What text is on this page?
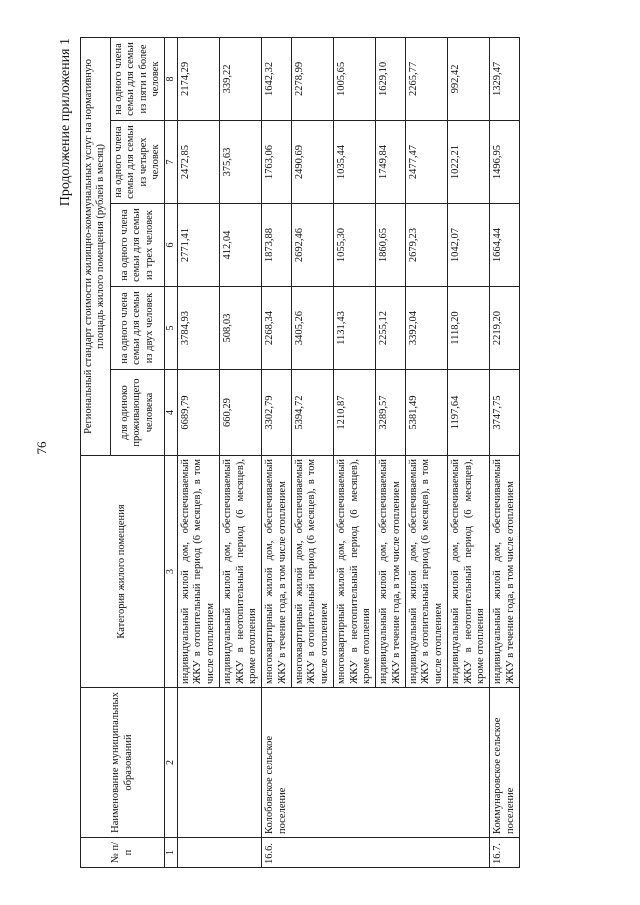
76
Продолжение приложения 1
№ п/п	Наименование муниципальных образований	Категория жилого помещения	Региональный стандарт стоимости жилищно-коммунальных услуг на нормативную площадь жилого помещения (рублей в месяц)				
			для одиноко проживающего человека	на одного члена семьи для семьи из двух человек	на одного члена семьи для семьи из трех человек	на одного члена семьи для семьи из четырех человек	на одного члена семьи для семьи из пяти и более человек
1	2	3	4	5	6	7	8
		индивидуальный жилой дом, обеспечиваемый ЖКУ в отопительный период (6 месяцев), в том числе отоплением	6689,79	3784,93	2771,41	2472,85	2174,29
		индивидуальный жилой дом, обеспечиваемый ЖКУ в неотопительный период (6 месяцев), кроме отопления	660,29	508,03	412,04	375,63	339,22
16.6.	Колобовское сельское поселение	многоквартирный жилой дом, обеспечиваемый ЖКУ в течение года, в том числе отоплением	3302,79	2268,34	1873,88	1763,06	1642,32
		многоквартирный жилой дом, обеспечиваемый ЖКУ в отопительный период (6 месяцев), в том числе отоплением	5394,72	3405,26	2692,46	2490,69	2278,99
		многоквартирный жилой дом, обеспечиваемый ЖКУ в неотопительный период (6 месяцев), кроме отопления	1210,87	1131,43	1055,30	1035,44	1005,65
		индивидуальный жилой дом, обеспечиваемый ЖКУ в течение года, в том числе отоплением	3289,57	2255,12	1860,65	1749,84	1629,10
		индивидуальный жилой дом, обеспечиваемый ЖКУ в отопительный период (6 месяцев), в том числе отоплением	5381,49	3392,04	2679,23	2477,47	2265,77
		индивидуальный жилой дом, обеспечиваемый ЖКУ в неотопительный период (6 месяцев), кроме отопления	1197,64	1118,20	1042,07	1022,21	992,42
16.7.	Коммунаровское сельское поселение	индивидуальный жилой дом, обеспечиваемый ЖКУ в течение года, в том числе отоплением	3747,75	2219,20	1664,44	1496,95	1329,47
